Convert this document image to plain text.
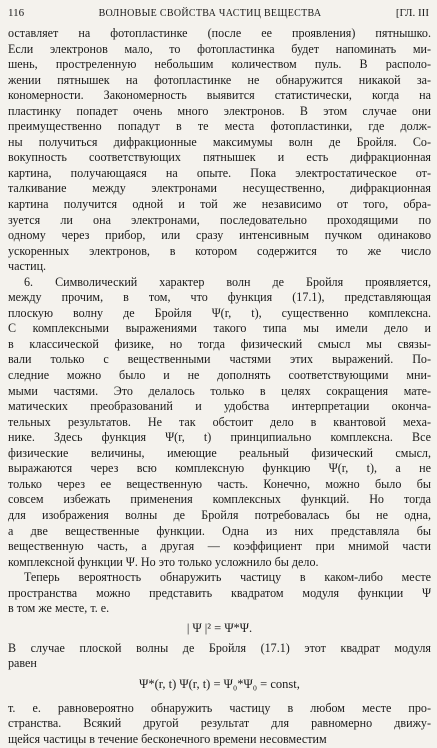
116	ВОЛНОВЫЕ СВОЙСТВА ЧАСТИЦ ВЕЩЕСТВА	[ГЛ. III

оставляет на фотопластинке (после ее проявления) пятнышко.
Если электронов мало, то фотопластинка будет напоминать ми-
шень, простреленную небольшим количеством пуль. В располо-
жении пятнышек на фотопластинке не обнаружится никакой за-
кономерности. Закономерность выявится статистически, когда на
пластинку попадет очень много электронов. В этом случае они
преимущественно попадут в те места фотопластинки, где долж-
ны получиться дифракционные максимумы волн де Бройля. Со-
вокупность соответствующих пятнышек и есть дифракционная
картина, получающаяся на опыте. Пока электростатическое от-
талкивание между электронами несущественно, дифракционная
картина получится одной и той же независимо от того, обра-
зуется ли она электронами, последовательно проходящими по
одному через прибор, или сразу интенсивным пучком одинаково
ускоренных электронов, в котором содержится то же число
частиц.

6. Символический характер волн де Бройля проявляется,
между прочим, в том, что функция (17.1), представляющая
плоскую волну де Бройля Ψ(r, t), существенно комплексна.
С комплексными выражениями такого типа мы имели дело и
в классической физике, но тогда физический смысл мы связы-
вали только с вещественными частями этих выражений. По-
следние можно было и не дополнять соответствующими мни-
мыми частями. Это делалось только в целях сокращения мате-
матических преобразований и удобства интерпретации оконча-
тельных результатов. Не так обстоит дело в квантовой меха-
нике. Здесь функция Ψ(r, t) принципиально комплексна. Все
физические величины, имеющие реальный физический смысл,
выражаются через всю комплексную функцию Ψ(r, t), а не
только через ее вещественную часть. Конечно, можно было бы
совсем избежать применения комплексных функций. Но тогда
для изображения волны де Бройля потребовалась бы не одна,
а две вещественные функции. Одна из них представляла бы
вещественную часть, а другая — коэффициент при мнимой части
комплексной функции Ψ. Но это только усложнило бы дело.

Теперь вероятность обнаружить частицу в каком-либо месте
пространства можно представить квадратом модуля функции Ψ
в том же месте, т. е.

| Ψ |² = Ψ*Ψ.

В случае плоской волны де Бройля (17.1) этот квадрат модуля
равен

Ψ*(r, t) Ψ(r, t) = Ψ₀*Ψ₀ = const,

т. е. равновероятно обнаружить частицу в любом месте про-
странства. Всякий другой результат для равномерно движу-
щейся частицы в течение бесконечного времени несовместим
